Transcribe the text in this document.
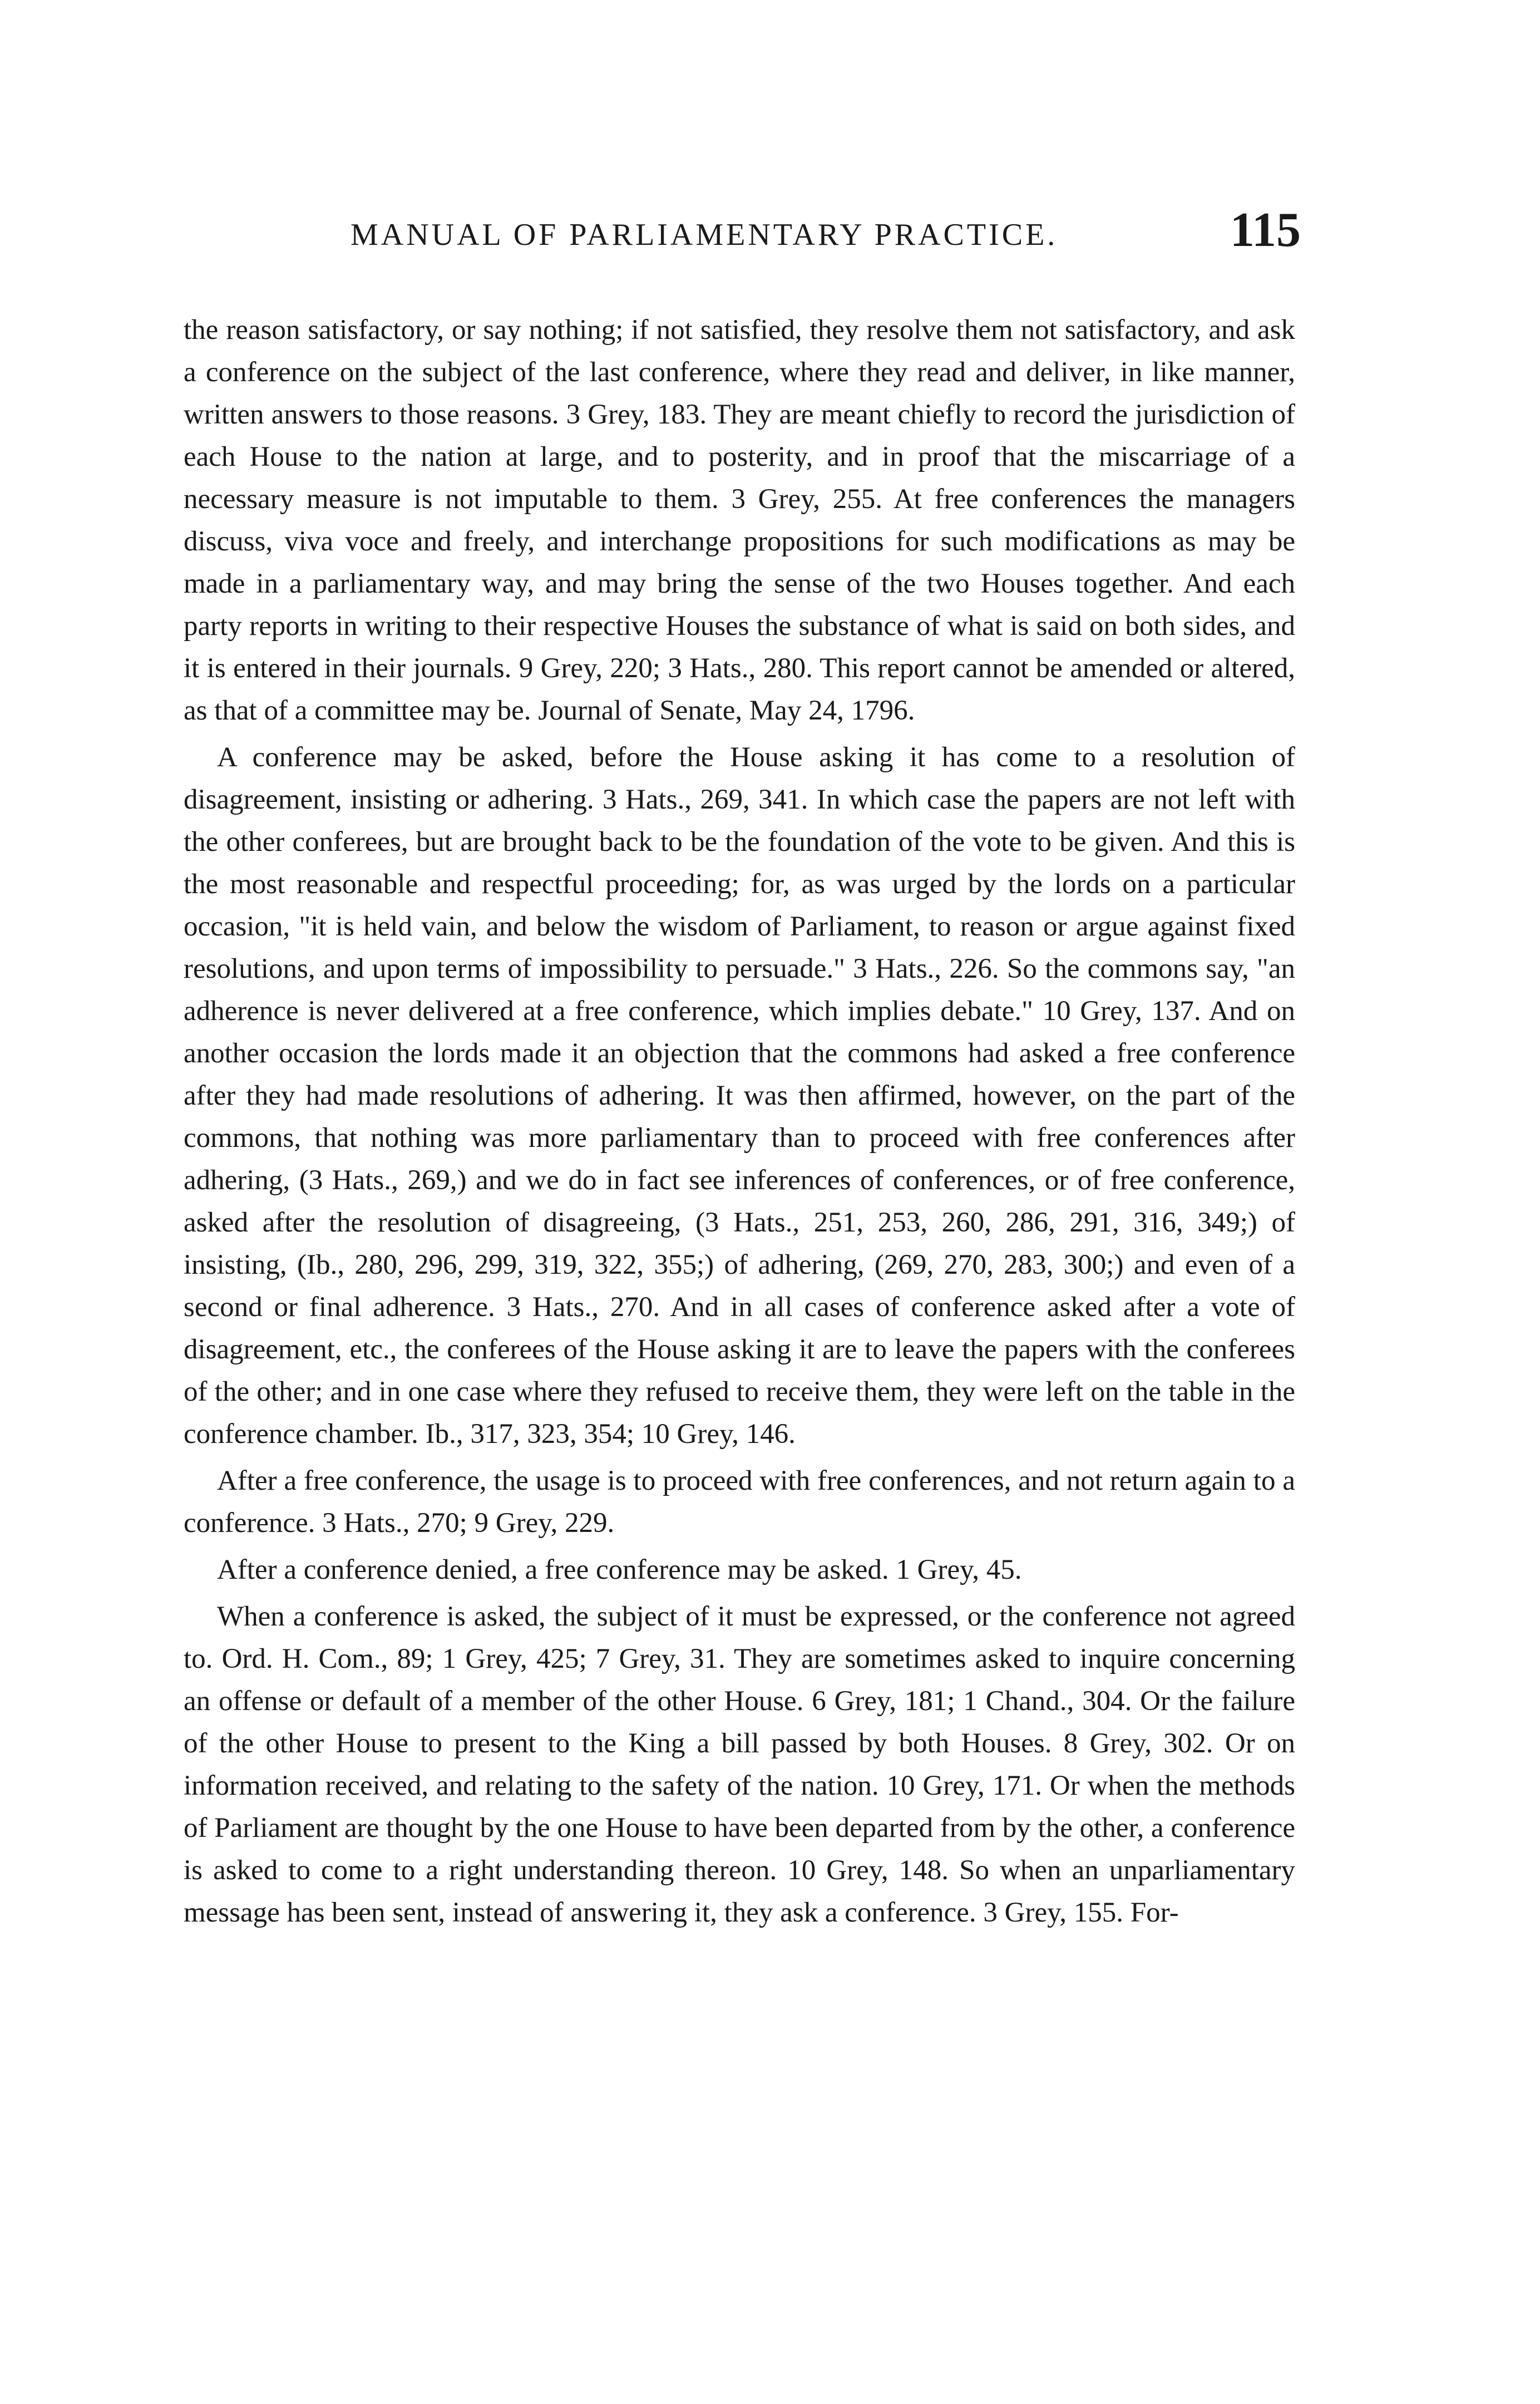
MANUAL OF PARLIAMENTARY PRACTICE.	115

the reason satisfactory, or say nothing; if not satisfied, they resolve them not satisfactory, and ask a conference on the subject of the last conference, where they read and deliver, in like manner, written answers to those reasons. 3 Grey, 183. They are meant chiefly to record the jurisdiction of each House to the nation at large, and to posterity, and in proof that the miscarriage of a necessary measure is not imputable to them. 3 Grey, 255. At free conferences the managers discuss, viva voce and freely, and interchange propositions for such modifications as may be made in a parliamentary way, and may bring the sense of the two Houses together. And each party reports in writing to their respective Houses the substance of what is said on both sides, and it is entered in their journals. 9 Grey, 220; 3 Hats., 280. This report cannot be amended or altered, as that of a committee may be. Journal of Senate, May 24, 1796.

A conference may be asked, before the House asking it has come to a resolution of disagreement, insisting or adhering. 3 Hats., 269, 341. In which case the papers are not left with the other conferees, but are brought back to be the foundation of the vote to be given. And this is the most reasonable and respectful proceeding; for, as was urged by the lords on a particular occasion, "it is held vain, and below the wisdom of Parliament, to reason or argue against fixed resolutions, and upon terms of impossibility to persuade." 3 Hats., 226. So the commons say, "an adherence is never delivered at a free conference, which implies debate." 10 Grey, 137. And on another occasion the lords made it an objection that the commons had asked a free conference after they had made resolutions of adhering. It was then affirmed, however, on the part of the commons, that nothing was more parliamentary than to proceed with free conferences after adhering, (3 Hats., 269,) and we do in fact see inferences of conferences, or of free conference, asked after the resolution of disagreeing, (3 Hats., 251, 253, 260, 286, 291, 316, 349;) of insisting, (Ib., 280, 296, 299, 319, 322, 355;) of adhering, (269, 270, 283, 300;) and even of a second or final adherence. 3 Hats., 270. And in all cases of conference asked after a vote of disagreement, etc., the conferees of the House asking it are to leave the papers with the conferees of the other; and in one case where they refused to receive them, they were left on the table in the conference chamber. Ib., 317, 323, 354; 10 Grey, 146.

After a free conference, the usage is to proceed with free conferences, and not return again to a conference. 3 Hats., 270; 9 Grey, 229.

After a conference denied, a free conference may be asked. 1 Grey, 45.

When a conference is asked, the subject of it must be expressed, or the conference not agreed to. Ord. H. Com., 89; 1 Grey, 425; 7 Grey, 31. They are sometimes asked to inquire concerning an offense or default of a member of the other House. 6 Grey, 181; 1 Chand., 304. Or the failure of the other House to present to the King a bill passed by both Houses. 8 Grey, 302. Or on information received, and relating to the safety of the nation. 10 Grey, 171. Or when the methods of Parliament are thought by the one House to have been departed from by the other, a conference is asked to come to a right understanding thereon. 10 Grey, 148. So when an unparliamentary message has been sent, instead of answering it, they ask a conference. 3 Grey, 155. For-
